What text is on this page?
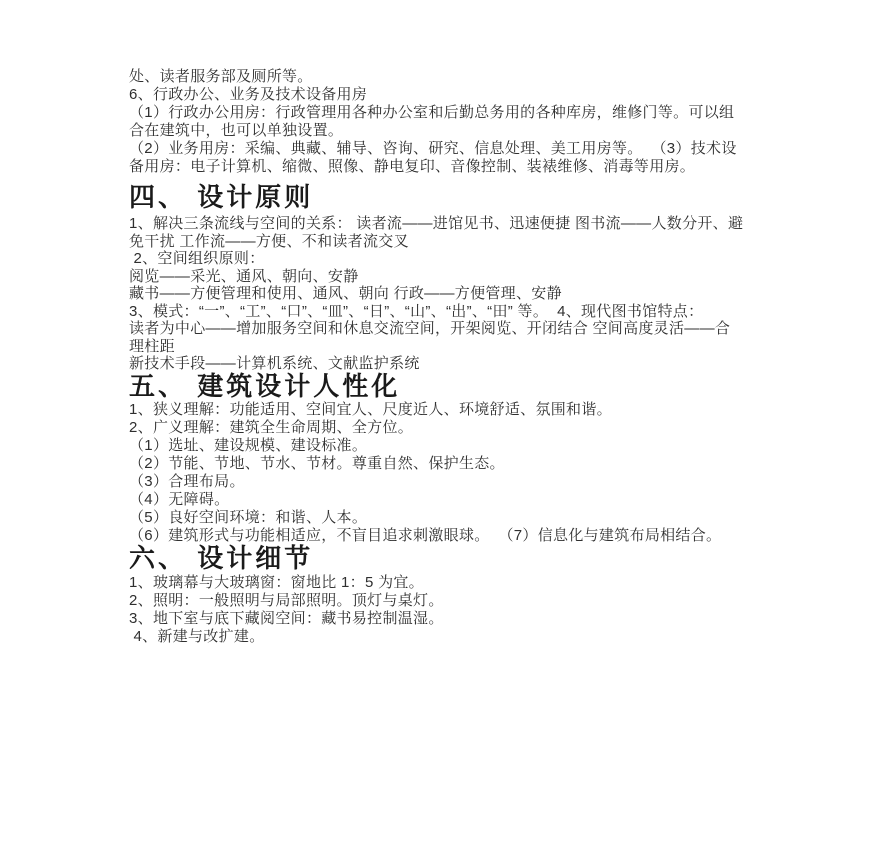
处、读者服务部及厕所等。
6、行政办公、业务及技术设备用房
（1）行政办公用房：行政管理用各种办公室和后勤总务用的各种库房，维修门等。可以组
合在建筑中，也可以单独设置。
（2）业务用房：采编、典藏、辅导、咨询、研究、信息处理、美工用房等。  （3）技术设
备用房：电子计算机、缩微、照像、静电复印、音像控制、装裱维修、消毒等用房。
四、 设计原则
1、解决三条流线与空间的关系： 读者流——进馆见书、迅速便捷 图书流——人数分开、避
免干扰 工作流——方便、不和读者流交叉
2、空间组织原则：
阅览——采光、通风、朝向、安静
藏书——方便管理和使用、通风、朝向 行政——方便管理、安静
3、模式：“一”、“工”、“口”、“皿”、“日”、“山”、“出”、“田” 等。  4、现代图书馆特点：
读者为中心——增加服务空间和休息交流空间，开架阅览、开闭结合 空间高度灵活——合
理柱距
新技术手段——计算机系统、文献监护系统
五、 建筑设计人性化
1、狭义理解：功能适用、空间宜人、尺度近人、环境舒适、氛围和谐。
2、广义理解：建筑全生命周期、全方位。
（1）选址、建设规模、建设标准。
（2）节能、节地、节水、节材。尊重自然、保护生态。
（3）合理布局。
（4）无障碍。
（5）良好空间环境：和谐、人本。
（6）建筑形式与功能相适应，不盲目追求刺激眼球。  （7）信息化与建筑布局相结合。
六、 设计细节
1、玻璃幕与大玻璃窗：窗地比 1：5 为宜。
2、照明：一般照明与局部照明。顶灯与桌灯。
3、地下室与底下藏阅空间：藏书易控制温湿。
4、新建与改扩建。
